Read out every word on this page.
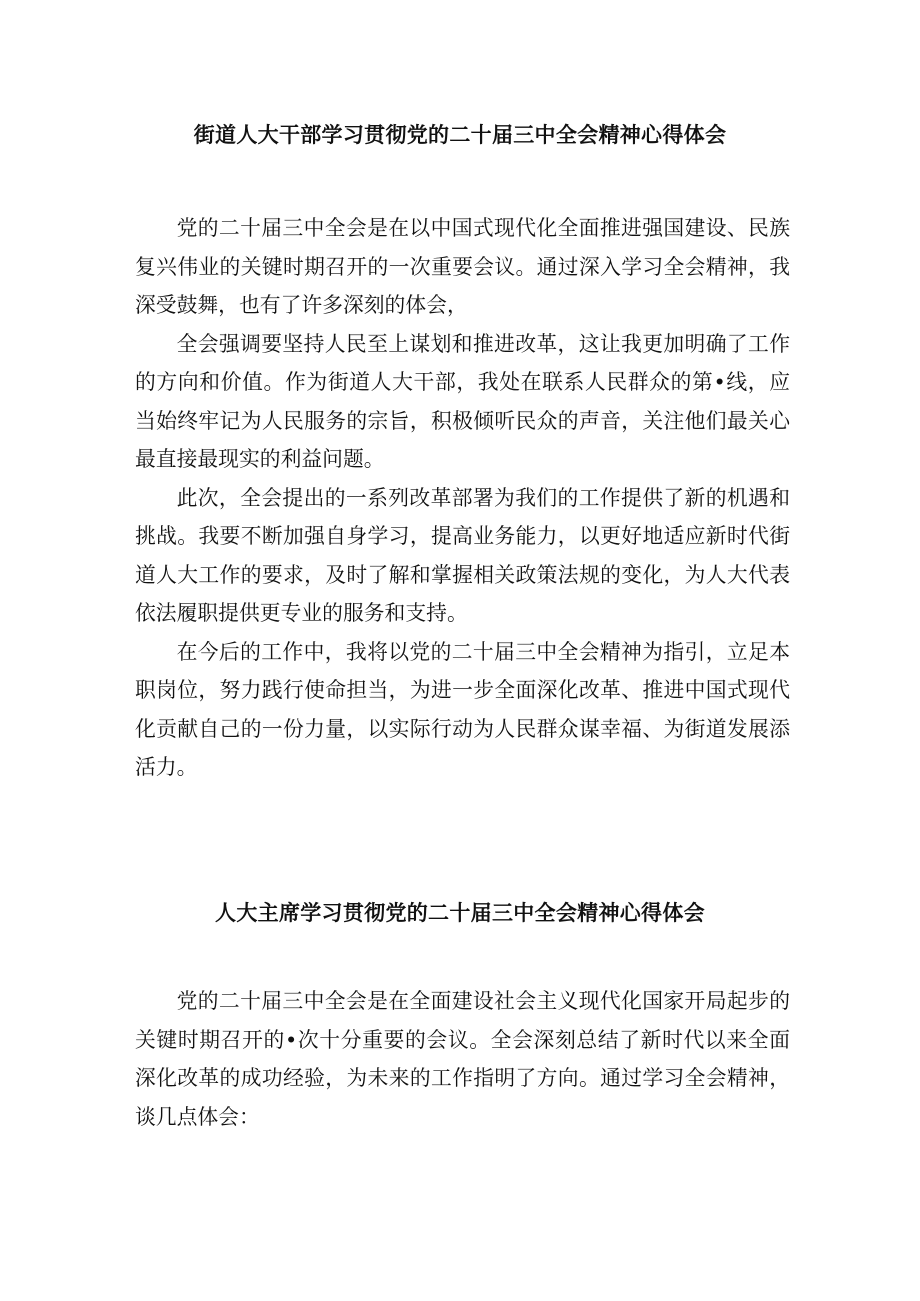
街道人大干部学习贯彻党的二十届三中全会精神心得体会

党的二十届三中全会是在以中国式现代化全面推进强国建设、民族复兴伟业的关键时期召开的一次重要会议。通过深入学习全会精神，我深受鼓舞，也有了许多深刻的体会，

全会强调要坚持人民至上谋划和推进改革，这让我更加明确了工作的方向和价值。作为街道人大干部，我处在联系人民群众的第•线，应当始终牢记为人民服务的宗旨，积极倾听民众的声音，关注他们最关心最直接最现实的利益问题。

此次，全会提出的一系列改革部署为我们的工作提供了新的机遇和挑战。我要不断加强自身学习，提高业务能力，以更好地适应新时代街道人大工作的要求，及时了解和掌握相关政策法规的变化，为人大代表依法履职提供更专业的服务和支持。

在今后的工作中，我将以党的二十届三中全会精神为指引，立足本职岗位，努力践行使命担当，为进一步全面深化改革、推进中国式现代化贡献自己的一份力量，以实际行动为人民群众谋幸福、为街道发展添活力。

人大主席学习贯彻党的二十届三中全会精神心得体会

党的二十届三中全会是在全面建设社会主义现代化国家开局起步的关键时期召开的•次十分重要的会议。全会深刻总结了新时代以来全面深化改革的成功经验，为未来的工作指明了方向。通过学习全会精神，谈几点体会：
